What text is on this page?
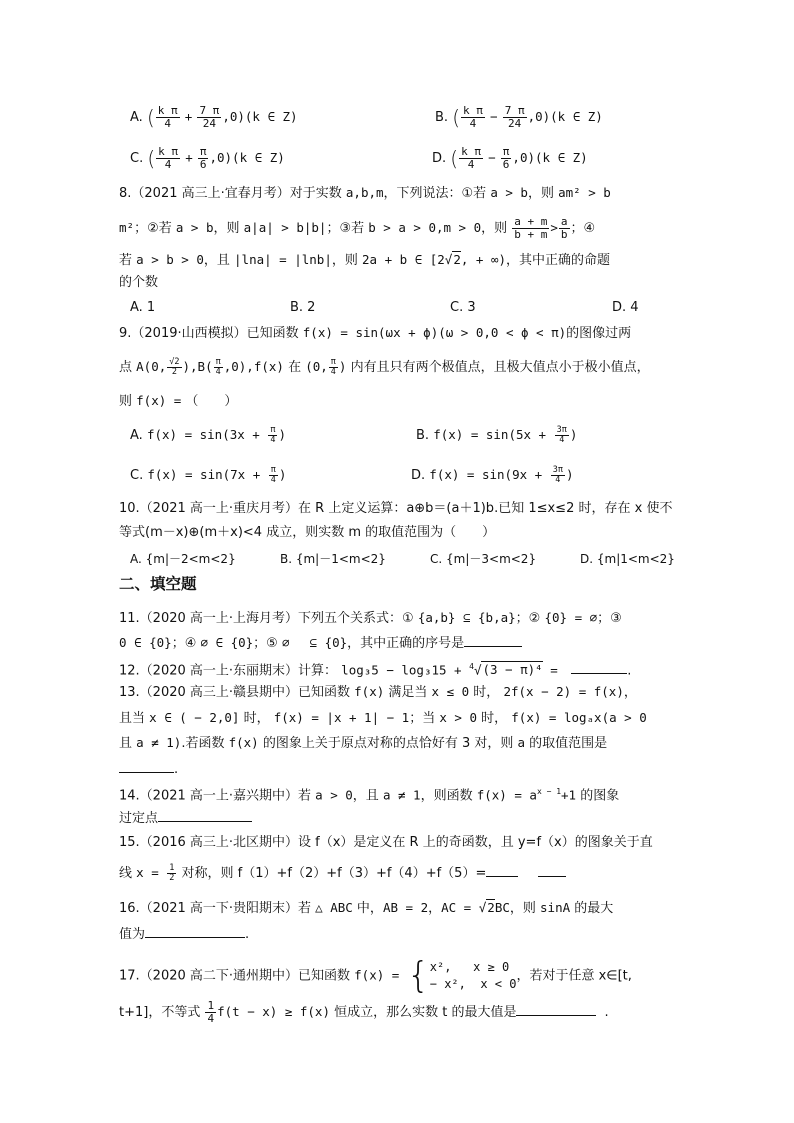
A. ( $\frac{\text{k π}}{4} + \frac{7 \pi}{24} ,0)(k$ ∈ Z)	B. ( $\frac{\text{k π}}{4} - \frac{7 \pi}{24} ,0)(k$ ∈ Z)
C. ( $\frac{\text{k π}}{4} + \frac{\pi}{6} ,0)(k$ ∈ Z)	D. ( $\frac{\text{k π}}{4} - \frac{\pi}{6} ,0)(k$ ∈ Z)
8.（2021 高三上·宜春月考）对于实数 a,b,m，下列说法：①若 a > b，则 am² > b
m²；②若 a > b，则 a|a| > b|b|；③若 b > a > 0,m > 0，则 $\frac{a + m}{b + m} > \frac{a}{b}$ ；④
若 a > b > 0，且 |lna| = |lnb|，则 2a + b ∈ [2√2, + ∞)，其中正确的命题
的个数
A. 1	B. 2	C. 3	D. 4
9.（2019·山西模拟）已知函数 f(x) = sin(ωx + ϕ)(ω > 0,0 < ϕ < π)的图像过两
点 A(0, $\frac{√2}{2} ),B( \frac{\pi}{4} ,0),f(x)$ 在 (0, $\frac{\pi}{4}$ ) 内有且只有两个极值点，且极大值点小于极小值点，
则 f(x) = （　　）
A. $f(x) = \sin(3x + \frac{\pi}{4}$ )	B. $f(x) = \sin(5x + \frac{3\pi}{4}$ )
C. $f(x) = \sin(7x + \frac{\pi}{4}$ )	D. $f(x) = \sin(9x + \frac{3\pi}{4}$ )
10.（2021 高一上·重庆月考）在 R 上定义运算：a⊕b＝(a＋1)b.已知 1≤x≤2 时，存在 x 使不
等式(m－x)⊕(m＋x)<4 成立，则实数 m 的取值范围为（　　）
A. {m|－2<m<2}	B. {m|－1<m<2}	C. {m|－3<m<2}	D. {m|1<m<2}
二、填空题
11.（2020 高一上·上海月考）下列五个关系式：① {a,b} ⊆ {b,a}；② {0} = ∅；③
0 ∈ {0}；④ ∅ ∈ {0}；⑤ ∅　 ⊆ {0}，其中正确的序号是
12.（2020 高一上·东丽期末）计算： log₃5 − log₃15 + $^4$√(3 − π)⁴ =	.
13.（2020 高三上·赣县期中）已知函数 f(x) 满足当 x ≤ 0 时， 2f(x − 2) = f(x)，
且当 x ∈ ( − 2,0] 时， f(x) = |x + 1| − 1；当 x > 0 时， f(x) = logₐx(a > 0
且 a ≠ 1).若函数 f(x) 的图象上关于原点对称的点恰好有 3 对，则 a 的取值范围是
.
14.（2021 高一上·嘉兴期中）若 a > 0，且 a ≠ 1，则函数 $f(x) = a^{x - 1}+1$ 的图象
过定点
15.（2016 高三上·北区期中）设 f（x）是定义在 R 上的奇函数，且 y=f（x）的图象关于直
线 $x = \frac{1}{2}$ 对称，则 f（1）+f（2）+f（3）+f（4）+f（5）=
16.（2021 高一下·贵阳期末）若 △ ABC 中，AB = 2，AC = √2BC，则 sinA 的最大
值为	.
17.（2020 高二下·通州期中）已知函数 f(x) = { x², x ≥ 0
− x², x < 0
，若对于任意 x∈[t,
t+1]，不等式 $\frac{1}{4} f(t - x) \ge f(x)$ 恒成立，那么实数 t 的最大值是	.
